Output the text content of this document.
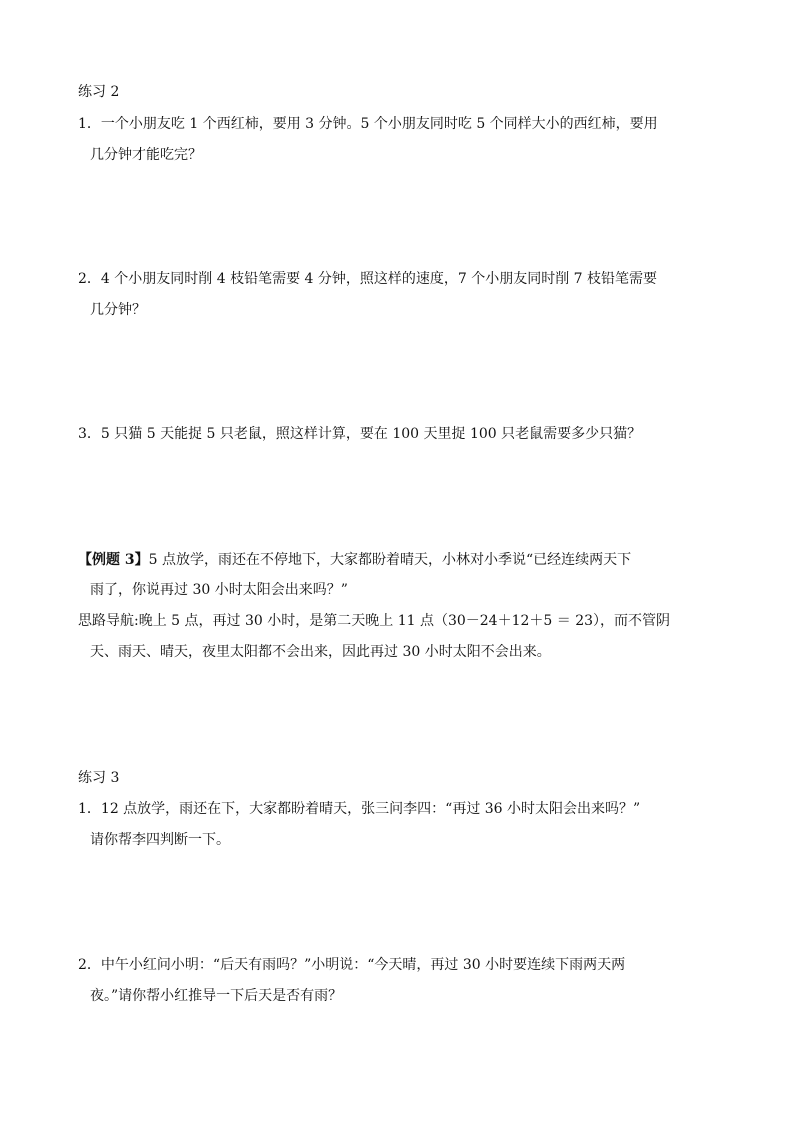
练习 2
1．一个小朋友吃 1 个西红柿，要用 3 分钟。5 个小朋友同时吃 5 个同样大小的西红柿，要用
几分钟才能吃完？
2．4 个小朋友同时削 4 枝铅笔需要 4 分钟，照这样的速度，7 个小朋友同时削 7 枝铅笔需要
几分钟？
3．5 只猫 5 天能捉 5 只老鼠，照这样计算，要在 100 天里捉 100 只老鼠需要多少只猫？
【例题 3】5 点放学，雨还在不停地下，大家都盼着晴天，小林对小季说“已经连续两天下
雨了，你说再过 30 小时太阳会出来吗？”
思路导航:晚上 5 点，再过 30 小时，是第二天晚上 11 点（30－24＋12＋5 ＝ 23），而不管阴
天、雨天、晴天，夜里太阳都不会出来，因此再过 30 小时太阳不会出来。
练习 3
1．12 点放学，雨还在下，大家都盼着晴天，张三问李四：“再过 36 小时太阳会出来吗？”
请你帮李四判断一下。
2．中午小红问小明：“后天有雨吗？”小明说：“今天晴，再过 30 小时要连续下雨两天两
夜。”请你帮小红推导一下后天是否有雨？
